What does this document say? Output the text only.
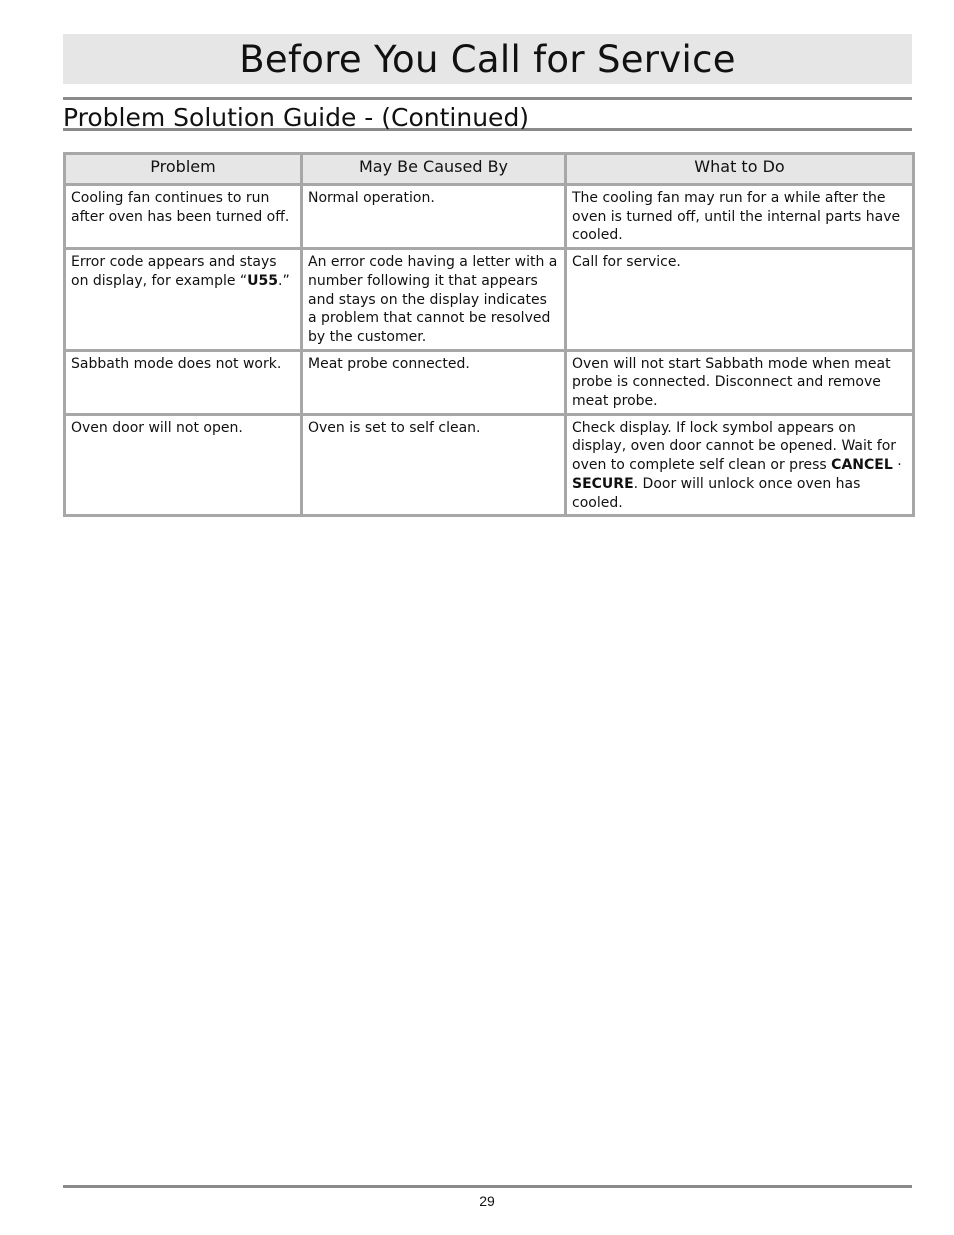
Before You Call for Service
Problem Solution Guide - (Continued)
Problem	May Be Caused By	What to Do
Cooling fan continues to run after oven has been turned off.	Normal operation.	The cooling fan may run for a while after the oven is turned off, until the internal parts have cooled.
Error code appears and stays on display, for example “U55.”	An error code having a letter with a number following it that appears and stays on the display indicates a problem that cannot be resolved by the customer.	Call for service.
Sabbath mode does not work.	Meat probe connected.	Oven will not start Sabbath mode when meat probe is connected. Disconnect and remove meat probe.
Oven door will not open.	Oven is set to self clean.	Check display. If lock symbol appears on display, oven door cannot be opened. Wait for oven to complete self clean or press CANCEL · SECURE. Door will unlock once oven has cooled.
29
